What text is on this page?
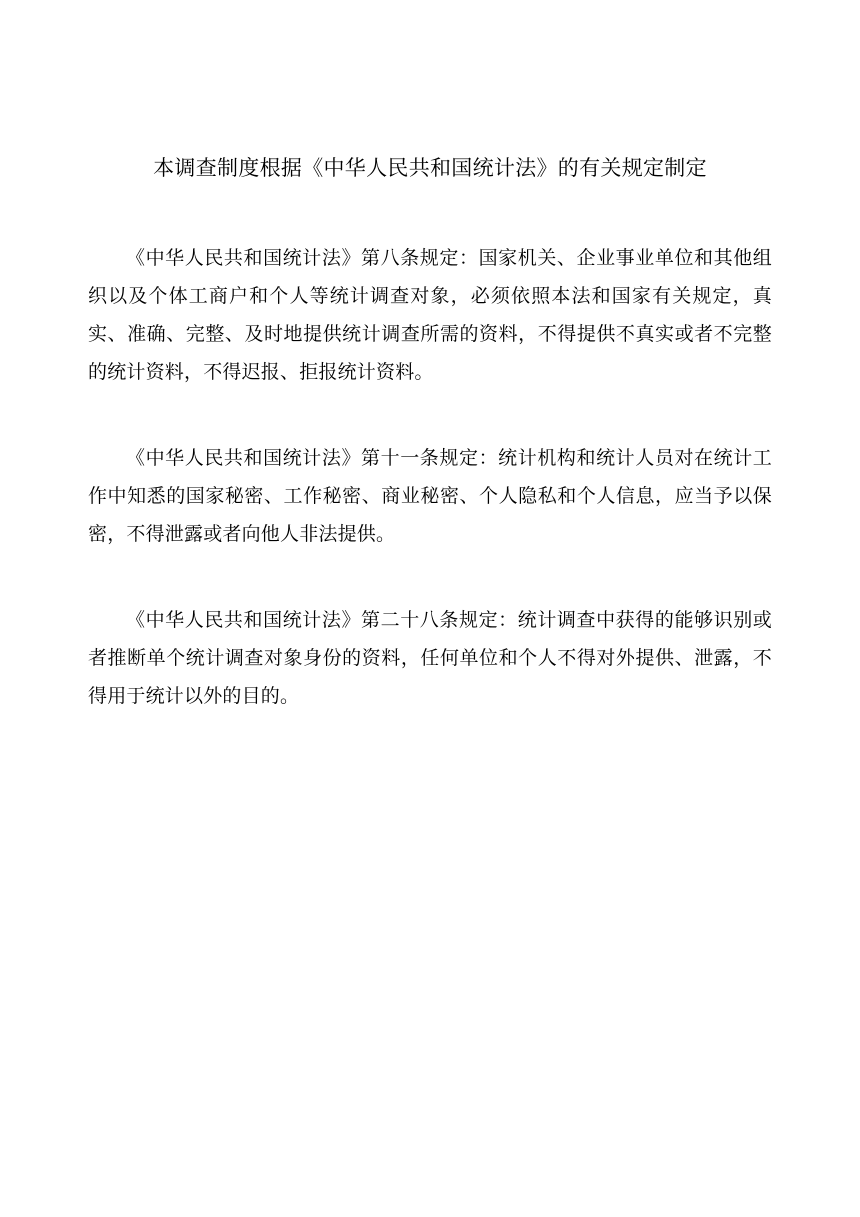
本调查制度根据《中华人民共和国统计法》的有关规定制定

《中华人民共和国统计法》第八条规定：国家机关、企业事业单位和其他组织以及个体工商户和个人等统计调查对象，必须依照本法和国家有关规定，真实、准确、完整、及时地提供统计调查所需的资料，不得提供不真实或者不完整的统计资料，不得迟报、拒报统计资料。

《中华人民共和国统计法》第十一条规定：统计机构和统计人员对在统计工作中知悉的国家秘密、工作秘密、商业秘密、个人隐私和个人信息，应当予以保密，不得泄露或者向他人非法提供。

《中华人民共和国统计法》第二十八条规定：统计调查中获得的能够识别或者推断单个统计调查对象身份的资料，任何单位和个人不得对外提供、泄露，不得用于统计以外的目的。
